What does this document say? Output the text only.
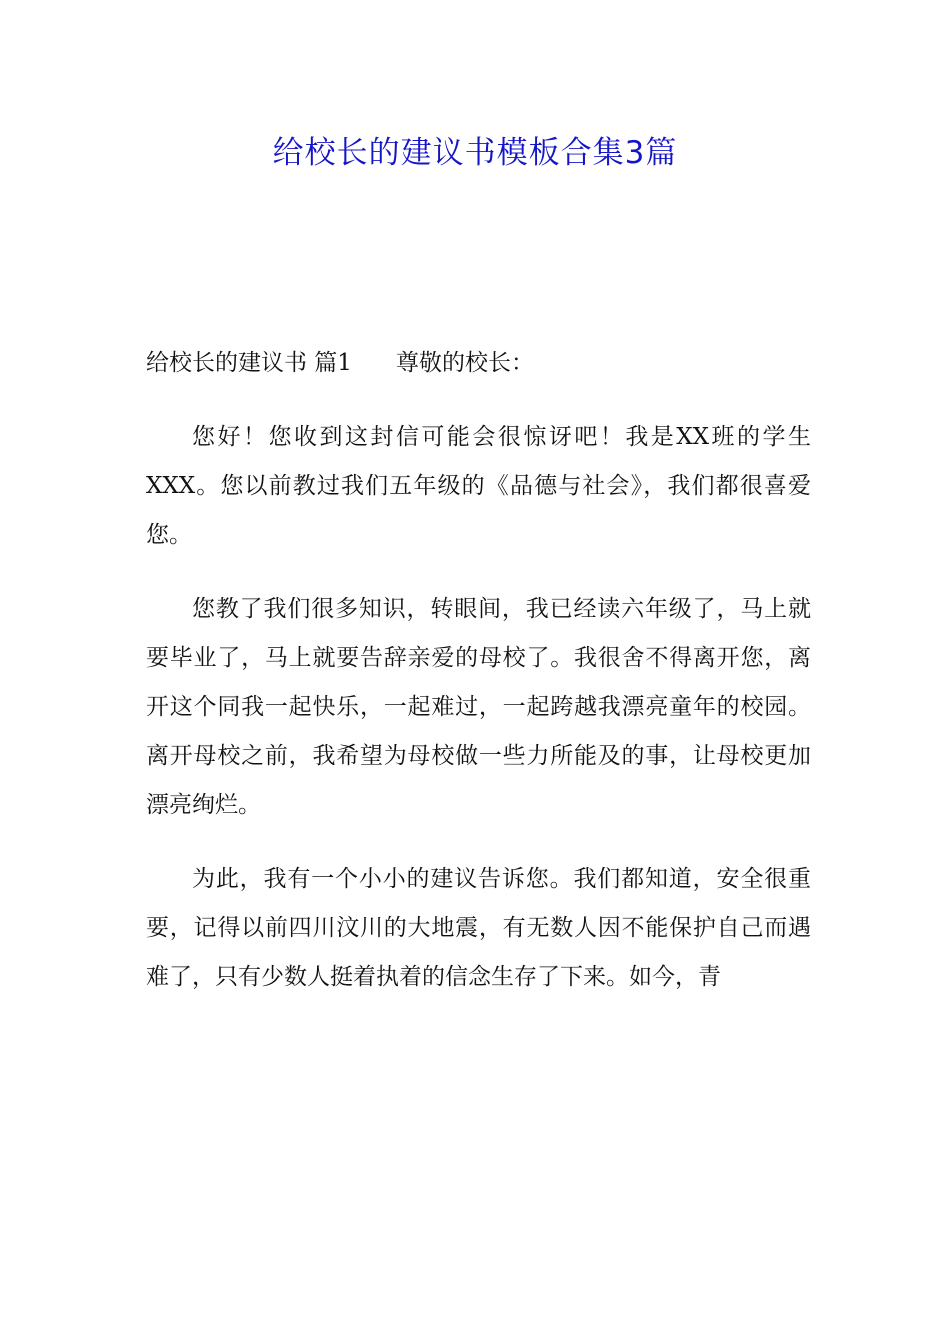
给校长的建议书模板合集3篇

给校长的建议书 篇1 尊敬的校长：

您好！您收到这封信可能会很惊讶吧！我是XX班的学生XXX。您以前教过我们五年级的《品德与社会》，我们都很喜爱您。

您教了我们很多知识，转眼间，我已经读六年级了，马上就要毕业了，马上就要告辞亲爱的母校了。我很舍不得离开您，离开这个同我一起快乐，一起难过，一起跨越我漂亮童年的校园。离开母校之前，我希望为母校做一些力所能及的事，让母校更加漂亮绚烂。

为此，我有一个小小的建议告诉您。我们都知道，安全很重要，记得以前四川汶川的大地震，有无数人因不能保护自己而遇难了，只有少数人挺着执着的信念生存了下来。如今，青
